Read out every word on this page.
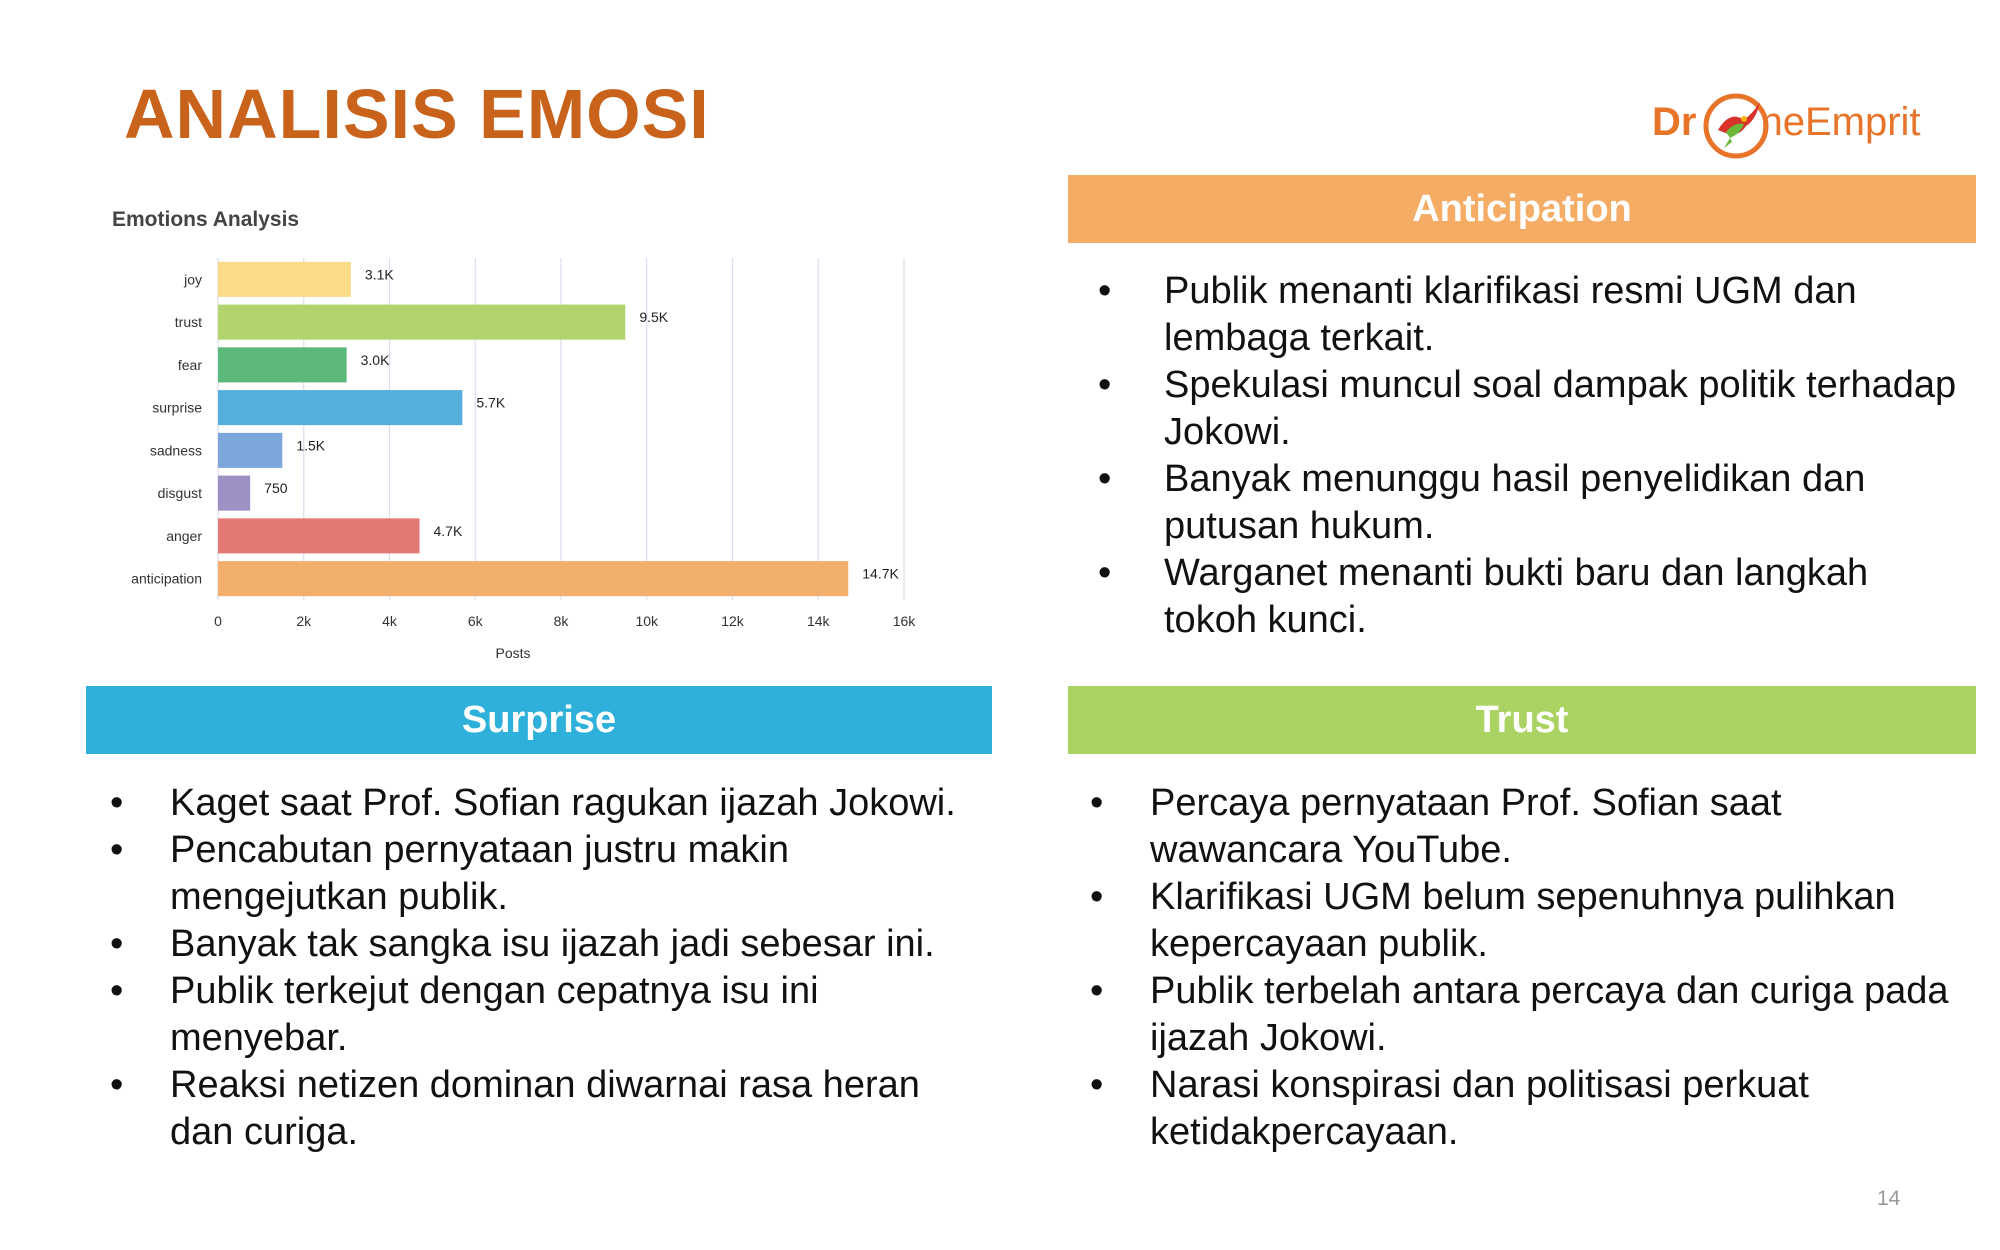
ANALISIS EMOSI	Dr neEmprit
Emotions Analysis
0	2k	4k	6k	8k	10k	12k	14k	16k
joy	3.1K
trust	9.5K
fear	3.0K
surprise	5.7K
sadness	1.5K
disgust	750
anger	4.7K
anticipation	14.7K
Posts
Anticipation
• Publik menanti klarifikasi resmi UGM dan lembaga terkait.
• Spekulasi muncul soal dampak politik terhadap Jokowi.
• Banyak menunggu hasil penyelidikan dan putusan hukum.
• Warganet menanti bukti baru dan langkah tokoh kunci.
Surprise
• Kaget saat Prof. Sofian ragukan ijazah Jokowi.
• Pencabutan pernyataan justru makin mengejutkan publik.
• Banyak tak sangka isu ijazah jadi sebesar ini.
• Publik terkejut dengan cepatnya isu ini menyebar.
• Reaksi netizen dominan diwarnai rasa heran dan curiga.
Trust
• Percaya pernyataan Prof. Sofian saat wawancara YouTube.
• Klarifikasi UGM belum sepenuhnya pulihkan kepercayaan publik.
• Publik terbelah antara percaya dan curiga pada ijazah Jokowi.
• Narasi konspirasi dan politisasi perkuat ketidakpercayaan.
14
